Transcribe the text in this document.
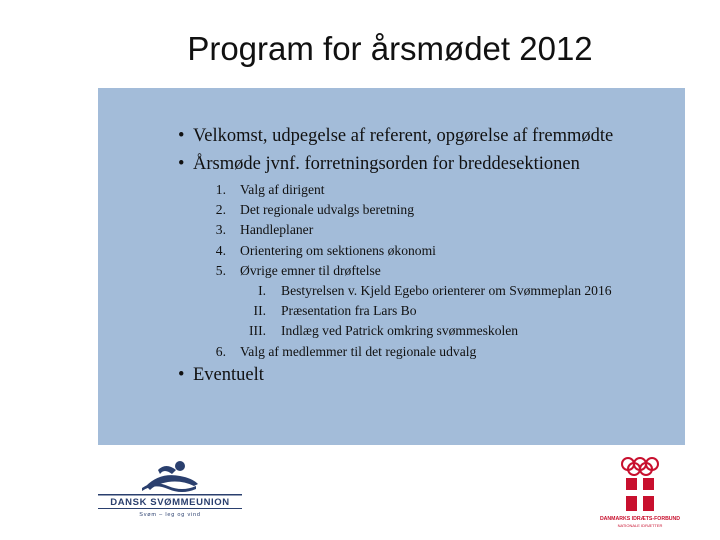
Program for årsmødet 2012
• Velkomst, udpegelse af referent, opgørelse af fremmødte
• Årsmøde jvnf. forretningsorden for breddesektionen
1. Valg af dirigent
2. Det regionale udvalgs beretning
3. Handleplaner
4. Orientering om sektionens økonomi
5. Øvrige emner til drøftelse
I. Bestyrelsen v. Kjeld Egebo orienterer om Svømmeplan 2016
II. Præsentation fra Lars Bo
III. Indlæg ved Patrick omkring svømmeskolen
6. Valg af medlemmer til det regionale udvalg
• Eventuelt
DANSK SVØMMEUNION
Svøm – leg og vind
DANMARKS IDRÆTS-FORBUND
NATIONALE IDRÆTTER
